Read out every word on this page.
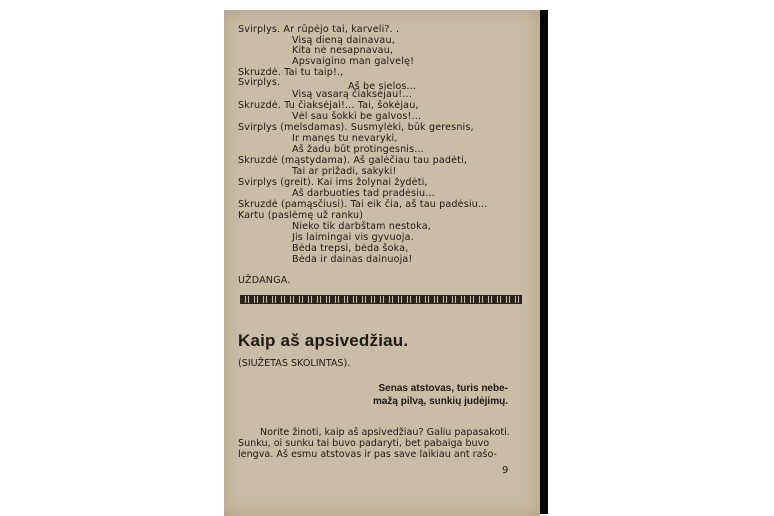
Svirplys. Ar rūpėjo tai, karveli?. .
Visą dieną dainavau,
Kita nė nesapnavau,
Apsvaigino man galvelę!
Skruzdė. Tai tu taip!.,
Svirplys.
Visą vasarą čiaksėjau!...
Skruzdė. Tu čiaksėjai!... Tai, šokėjau,
Vėl sau šokki be galvos!...
Svirplys (melsdamas). Susmylėki, būk geresnis,
Ir manęs tu nevaryki,
Aš žadu būt protingesnis...
Skruzdė (mąstydama). Aš galėčiau tau padėti,
Tai ar prižadi, sakyki!
Svirplys (greit). Kai ims žolynai žydėti,
Aš darbuoties tad pradėsiu...
Skruzdė (pamąsčiusi). Tai eik čia, aš tau padėsiu...
Kartu (paslėmę už ranku)
Nieko tik darbštam nestoka,
Jis laimingai vis gyvuoja.
Bėda trepsi, bėda šoka,
Bėda ir dainas dainuoja!
Aš be sielos...
UŽDANGA.
Kaip aš apsivedžiau.
(SIUŽETAS SKOLINTAS).
Senas atstovas, turis nebe-
mažą pilvą, sunkių judėjimų.
Norite žinoti, kaip aš apsivedžiau? Galiu papasakoti.
Sunku, oi sunku tai buvo padaryti, bet pabaiga buvo
lengva. Aš esmu atstovas ir pas save laikiau ant rašo-
9
